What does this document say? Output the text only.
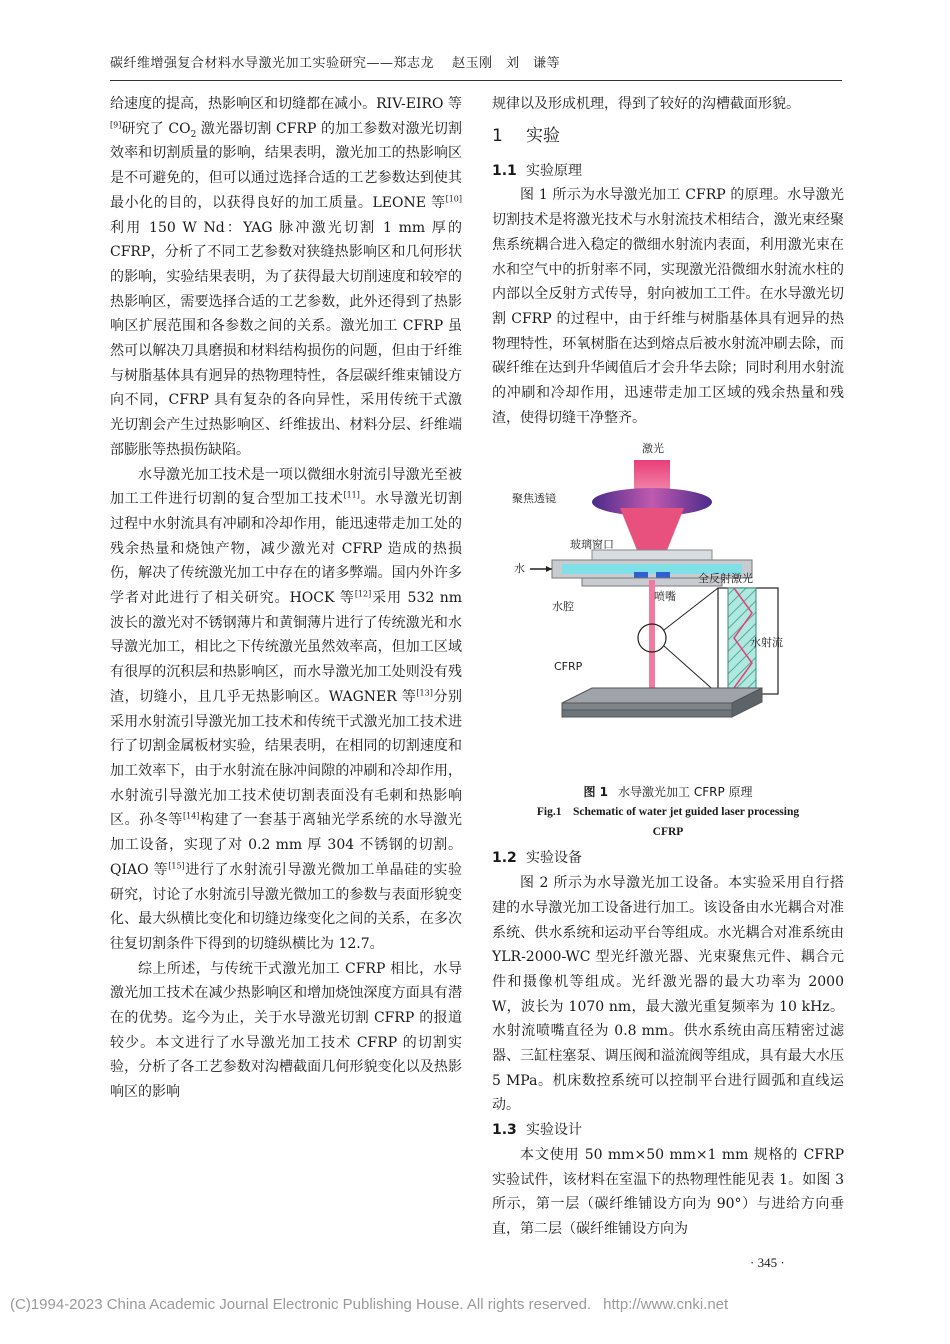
碳纤维增强复合材料水导激光加工实验研究——郑志龙　 赵玉刚　刘　谦等

给速度的提高，热影响区和切缝都在减小。RIV-EIRO 等[9]研究了 $CO_2$ 激光器切割 CFRP 的加工参数对激光切割效率和切割质量的影响，结果表明，激光加工的热影响区是不可避免的，但可以通过选择合适的工艺参数达到使其最小化的目的，以获得良好的加工质量。LEONE 等[10]利用 150 W Nd：YAG 脉冲激光切割 1 mm 厚的 CFRP，分析了不同工艺参数对狭缝热影响区和几何形状的影响，实验结果表明，为了获得最大切削速度和较窄的热影响区，需要选择合适的工艺参数，此外还得到了热影响区扩展范围和各参数之间的关系。激光加工 CFRP 虽然可以解决刀具磨损和材料结构损伤的问题，但由于纤维与树脂基体具有迥异的热物理特性，各层碳纤维束铺设方向不同，CFRP 具有复杂的各向异性，采用传统干式激光切割会产生过热影响区、纤维拔出、材料分层、纤维端部膨胀等热损伤缺陷。

水导激光加工技术是一项以微细水射流引导激光至被加工工件进行切割的复合型加工技术[11]。水导激光切割过程中水射流具有冲刷和冷却作用，能迅速带走加工处的残余热量和烧蚀产物，减少激光对 CFRP 造成的热损伤，解决了传统激光加工中存在的诸多弊端。国内外许多学者对此进行了相关研究。HOCK 等[12]采用 532 nm 波长的激光对不锈钢薄片和黄铜薄片进行了传统激光和水导激光加工，相比之下传统激光虽然效率高，但加工区域有很厚的沉积层和热影响区，而水导激光加工处则没有残渣，切缝小，且几乎无热影响区。WAGNER 等[13]分别采用水射流引导激光加工技术和传统干式激光加工技术进行了切割金属板材实验，结果表明，在相同的切割速度和加工效率下，由于水射流在脉冲间隙的冲刷和冷却作用，水射流引导激光加工技术使切割表面没有毛刺和热影响区。孙冬等[14]构建了一套基于离轴光学系统的水导激光加工设备，实现了对 0.2 mm 厚 304 不锈钢的切割。QIAO 等[15]进行了水射流引导激光微加工单晶硅的实验研究，讨论了水射流引导激光微加工的参数与表面形貌变化、最大纵横比变化和切缝边缘变化之间的关系，在多次往复切割条件下得到的切缝纵横比为 12.7。

综上所述，与传统干式激光加工 CFRP 相比，水导激光加工技术在减少热影响区和增加烧蚀深度方面具有潜在的优势。迄今为止，关于水导激光切割 CFRP 的报道较少。本文进行了水导激光加工技术 CFRP 的切割实验，分析了各工艺参数对沟槽截面几何形貌变化以及热影响区的影响

规律以及形成机理，得到了较好的沟槽截面形貌。

1 实验
1.1 实验原理

图 1 所示为水导激光加工 CFRP 的原理。水导激光切割技术是将激光技术与水射流技术相结合，激光束经聚焦系统耦合进入稳定的微细水射流内表面，利用激光束在水和空气中的折射率不同，实现激光沿微细水射流水柱的内部以全反射方式传导，射向被加工工件。在水导激光切割 CFRP 的过程中，由于纤维与树脂基体具有迥异的热物理特性，环氧树脂在达到熔点后被水射流冲刷去除，而碳纤维在达到升华阈值后才会升华去除；同时利用水射流的冲刷和冷却作用，迅速带走加工区域的残余热量和残渣，使得切缝干净整齐。

激光
聚焦透镜
玻璃窗口
水
全反射激光
喷嘴
水腔
水射流
CFRP
图 1 水导激光加工 CFRP 原理
Fig.1　Schematic of water jet guided laser processing CFRP
1.2 实验设备

图 2 所示为水导激光加工设备。本实验采用自行搭建的水导激光加工设备进行加工。该设备由水光耦合对准系统、供水系统和运动平台等组成。水光耦合对准系统由 YLR-2000-WC 型光纤激光器、光束聚焦元件、耦合元件和摄像机等组成。光纤激光器的最大功率为 2000 W，波长为 1070 nm，最大激光重复频率为 10 kHz。水射流喷嘴直径为 0.8 mm。供水系统由高压精密过滤器、三缸柱塞泵、调压阀和溢流阀等组成，具有最大水压5 MPa。机床数控系统可以控制平台进行圆弧和直线运动。

1.3 实验设计

本文使用 50 mm×50 mm×1 mm 规格的 CFRP 实验试件，该材料在室温下的热物理性能见表 1。如图 3 所示，第一层（碳纤维铺设方向为 90°）与进给方向垂直，第二层（碳纤维铺设方向为

· 345 ·
(C)1994-2023 China Academic Journal Electronic Publishing House. All rights reserved. http://www.cnki.net
